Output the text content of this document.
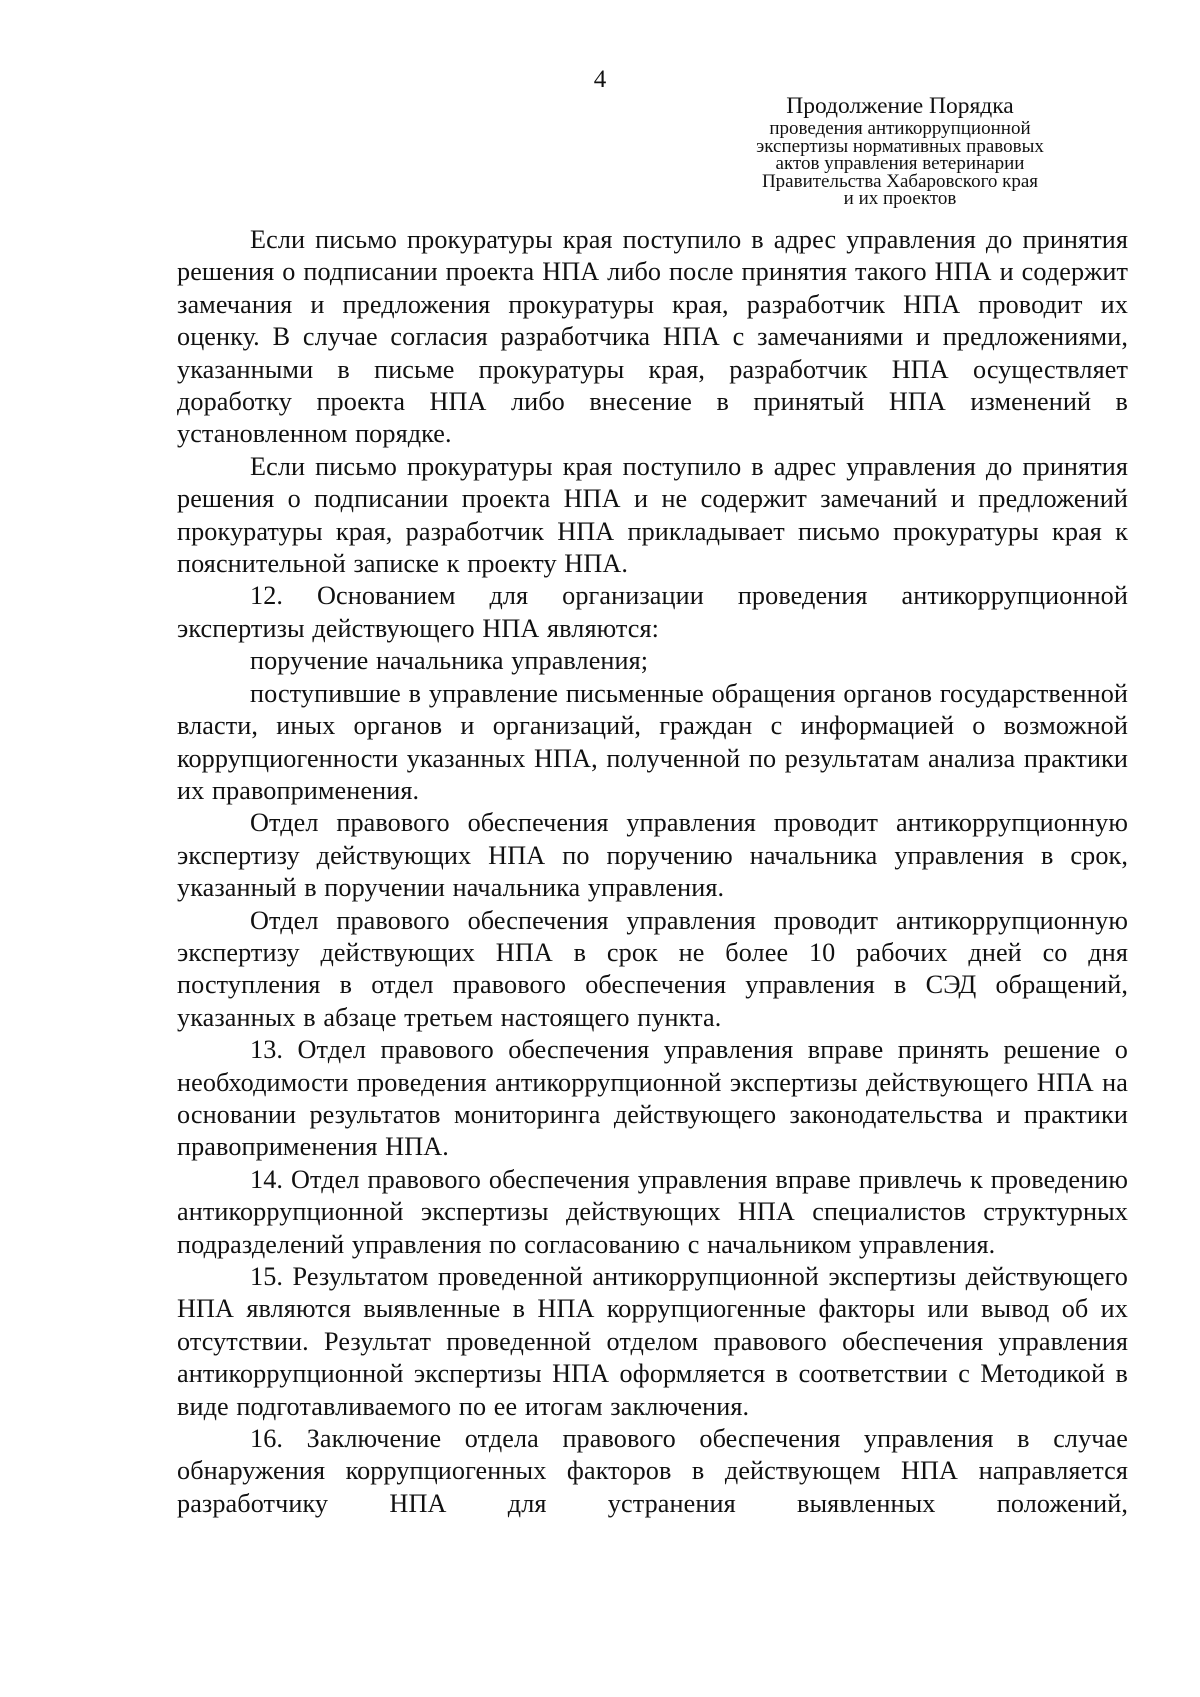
4
Продолжение Порядка
проведения антикоррупционной
экспертизы нормативных правовых
актов управления ветеринарии
Правительства Хабаровского края
и их проектов

Если письмо прокуратуры края поступило в адрес управления до принятия решения о подписании проекта НПА либо после принятия такого НПА и содержит замечания и предложения прокуратуры края, разработчик НПА проводит их оценку. В случае согласия разработчика НПА с замечаниями и предложениями, указанными в письме прокуратуры края, разработчик НПА осуществляет доработку проекта НПА либо внесение в принятый НПА изменений в установленном порядке.

Если письмо прокуратуры края поступило в адрес управления до принятия решения о подписании проекта НПА и не содержит замечаний и предложений прокуратуры края, разработчик НПА прикладывает письмо прокуратуры края к пояснительной записке к проекту НПА.

12. Основанием для организации проведения антикоррупционной экспертизы действующего НПА являются:

поручение начальника управления;

поступившие в управление письменные обращения органов государственной власти, иных органов и организаций, граждан с информацией о возможной коррупциогенности указанных НПА, полученной по результатам анализа практики их правоприменения.

Отдел правового обеспечения управления проводит антикоррупционную экспертизу действующих НПА по поручению начальника управления в срок, указанный в поручении начальника управления.

Отдел правового обеспечения управления проводит антикоррупционную экспертизу действующих НПА в срок не более 10 рабочих дней со дня поступления в отдел правового обеспечения управления в СЭД обращений, указанных в абзаце третьем настоящего пункта.

13. Отдел правового обеспечения управления вправе принять решение о необходимости проведения антикоррупционной экспертизы действующего НПА на основании результатов мониторинга действующего законодательства и практики правоприменения НПА.

14. Отдел правового обеспечения управления вправе привлечь к проведению антикоррупционной экспертизы действующих НПА специалистов структурных подразделений управления по согласованию с начальником управления.

15. Результатом проведенной антикоррупционной экспертизы действующего НПА являются выявленные в НПА коррупциогенные факторы или вывод об их отсутствии. Результат проведенной отделом правового обеспечения управления антикоррупционной экспертизы НПА оформляется в соответствии с Методикой в виде подготавливаемого по ее итогам заключения.

16. Заключение отдела правового обеспечения управления в случае обнаружения коррупциогенных факторов в действующем НПА направляется разработчику НПА для устранения выявленных положений,
